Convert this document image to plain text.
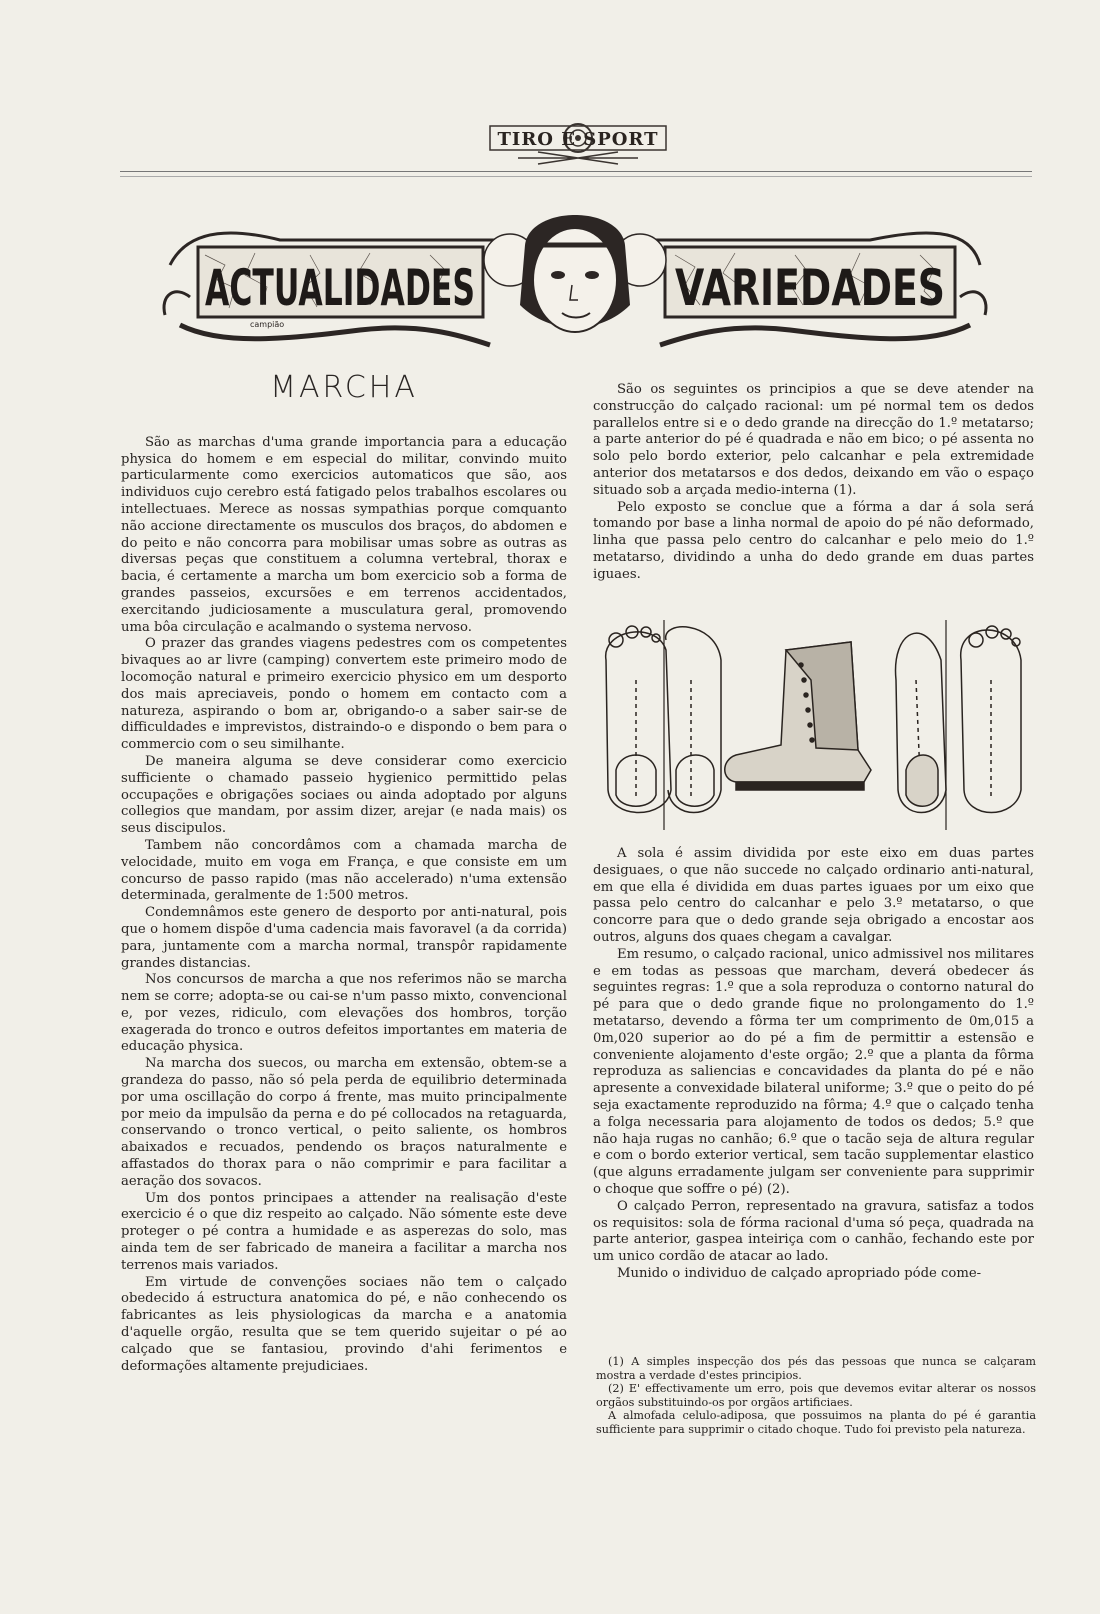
TIRO E SPORT
ACTUALIDADES	VARIEDADES
campião
MARCHA

São as marchas d'uma grande importancia para a educação physica do homem e em especial do militar, convindo muito particularmente como exercicios automaticos que são, aos individuos cujo cerebro está fatigado pelos trabalhos escolares ou intellectuaes. Merece as nossas sympathias porque comquanto não accione directamente os musculos dos braços, do abdomen e do peito e não concorra para mobilisar umas sobre as outras as diversas peças que constituem a columna vertebral, thorax e bacia, é certamente a marcha um bom exercicio sob a forma de grandes passeios, excursões e em terrenos accidentados, exercitando judiciosamente a musculatura geral, promovendo uma bôa circulação e acalmando o systema nervoso.

O prazer das grandes viagens pedestres com os competentes bivaques ao ar livre (camping) convertem este primeiro modo de locomoção natural e primeiro exercicio physico em um desporto dos mais apreciaveis, pondo o homem em contacto com a natureza, aspirando o bom ar, obrigando-o a saber sair-se de difficuldades e imprevistos, distraindo-o e dispondo o bem para o commercio com o seu similhante.

De maneira alguma se deve considerar como exercicio sufficiente o chamado passeio hygienico permittido pelas occupações e obrigações sociaes ou ainda adoptado por alguns collegios que mandam, por assim dizer, arejar (e nada mais) os seus discipulos.

Tambem não concordâmos com a chamada marcha de velocidade, muito em voga em França, e que consiste em um concurso de passo rapido (mas não accelerado) n'uma extensão determinada, geralmente de 1:500 metros.

Condemnâmos este genero de desporto por anti-natural, pois que o homem dispõe d'uma cadencia mais favoravel (a da corrida) para, juntamente com a marcha normal, transpôr rapidamente grandes distancias.

Nos concursos de marcha a que nos referimos não se marcha nem se corre; adopta-se ou cai-se n'um passo mixto, convencional e, por vezes, ridiculo, com elevações dos hombros, torção exagerada do tronco e outros defeitos importantes em materia de educação physica.

Na marcha dos suecos, ou marcha em extensão, obtem-se a grandeza do passo, não só pela perda de equilibrio determinada por uma oscillação do corpo á frente, mas muito principalmente por meio da impulsão da perna e do pé collocados na retaguarda, conservando o tronco vertical, o peito saliente, os hombros abaixados e recuados, pendendo os braços naturalmente e affastados do thorax para o não comprimir e para facilitar a aeração dos sovacos.

Um dos pontos principaes a attender na realisação d'este exercicio é o que diz respeito ao calçado. Não sómente este deve proteger o pé contra a humidade e as asperezas do solo, mas ainda tem de ser fabricado de maneira a facilitar a marcha nos terrenos mais variados.

Em virtude de convenções sociaes não tem o calçado obedecido á estructura anatomica do pé, e não conhecendo os fabricantes as leis physiologicas da marcha e a anatomia d'aquelle orgão, resulta que se tem querido sujeitar o pé ao calçado que se fantasiou, provindo d'ahi ferimentos e deformações altamente prejudiciaes.

São os seguintes os principios a que se deve atender na construcção do calçado racional: um pé normal tem os dedos parallelos entre si e o dedo grande na direcção do 1.º metatarso; a parte anterior do pé é quadrada e não em bico; o pé assenta no solo pelo bordo exterior, pelo calcanhar e pela extremidade anterior dos metatarsos e dos dedos, deixando em vão o espaço situado sob a arçada medio-interna (1).

Pelo exposto se conclue que a fórma a dar á sola será tomando por base a linha normal de apoio do pé não deformado, linha que passa pelo centro do calcanhar e pelo meio do 1.º metatarso, dividindo a unha do dedo grande em duas partes iguaes.

A sola é assim dividida por este eixo em duas partes desiguaes, o que não succede no calçado ordinario anti-natural, em que ella é dividida em duas partes iguaes por um eixo que passa pelo centro do calcanhar e pelo 3.º metatarso, o que concorre para que o dedo grande seja obrigado a encostar aos outros, alguns dos quaes chegam a cavalgar.

Em resumo, o calçado racional, unico admissivel nos militares e em todas as pessoas que marcham, deverá obedecer ás seguintes regras: 1.º que a sola reproduza o contorno natural do pé para que o dedo grande fique no prolongamento do 1.º metatarso, devendo a fôrma ter um comprimento de 0m,015 a 0m,020 superior ao do pé a fim de permittir a estensão e conveniente alojamento d'este orgão; 2.º que a planta da fôrma reproduza as saliencias e concavidades da planta do pé e não apresente a convexidade bilateral uniforme; 3.º que o peito do pé seja exactamente reproduzido na fôrma; 4.º que o calçado tenha a folga necessaria para alojamento de todos os dedos; 5.º que não haja rugas no canhão; 6.º que o tacão seja de altura regular e com o bordo exterior vertical, sem tacão supplementar elastico (que alguns erradamente julgam ser conveniente para supprimir o choque que soffre o pé) (2).

O calçado Perron, representado na gravura, satisfaz a todos os requisitos: sola de fórma racional d'uma só peça, quadrada na parte anterior, gaspea inteiriça com o canhão, fechando este por um unico cordão de atacar ao lado.

Munido o individuo de calçado apropriado póde come-

(1) A simples inspecção dos pés das pessoas que nunca se calçaram mostra a verdade d'estes principios.

(2) E' effectivamente um erro, pois que devemos evitar alterar os nossos orgãos substituindo-os por orgãos artificiaes.

A almofada celulo-adiposa, que possuimos na planta do pé é garantia sufficiente para supprimir o citado choque. Tudo foi previsto pela natureza.
